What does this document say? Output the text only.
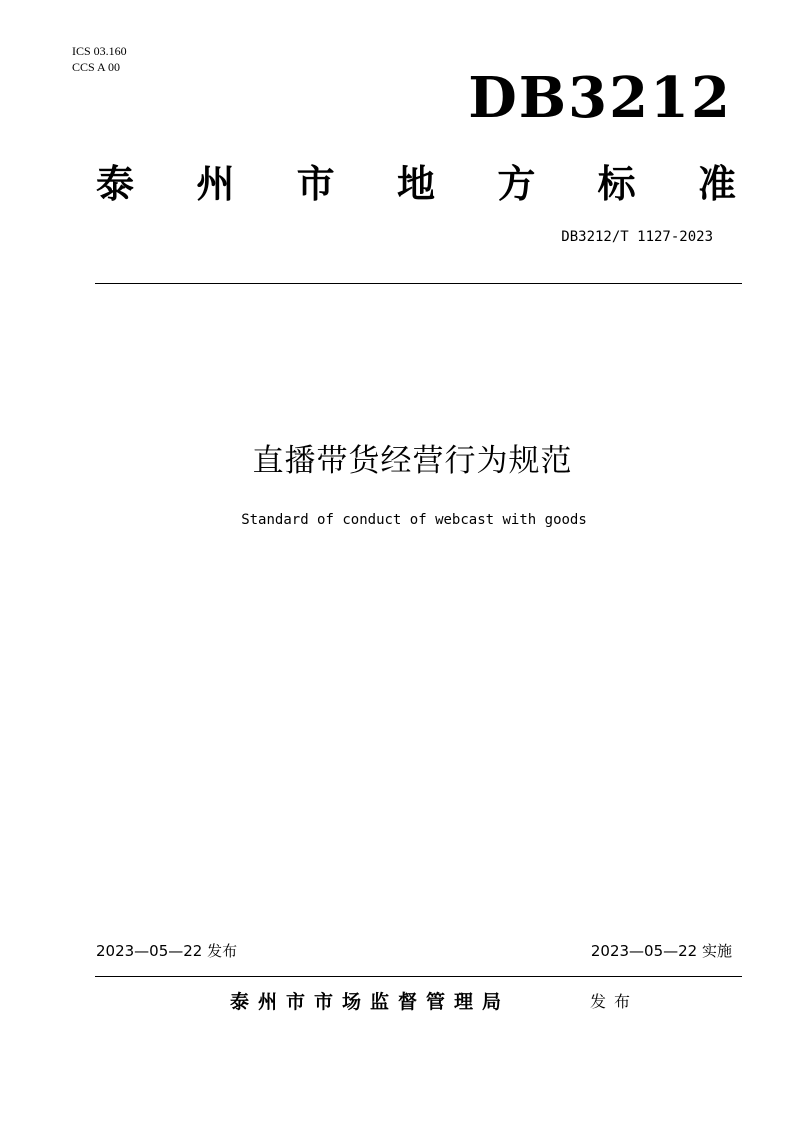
ICS 03.160
CCS A 00	DB3212
泰 州 市 地 方 标 准
DB3212/T 1127-2023
直播带货经营行为规范
Standard of conduct of webcast with goods
2023—05—22 发布	2023—05—22 实施
泰州市市场监督管理局	发布
